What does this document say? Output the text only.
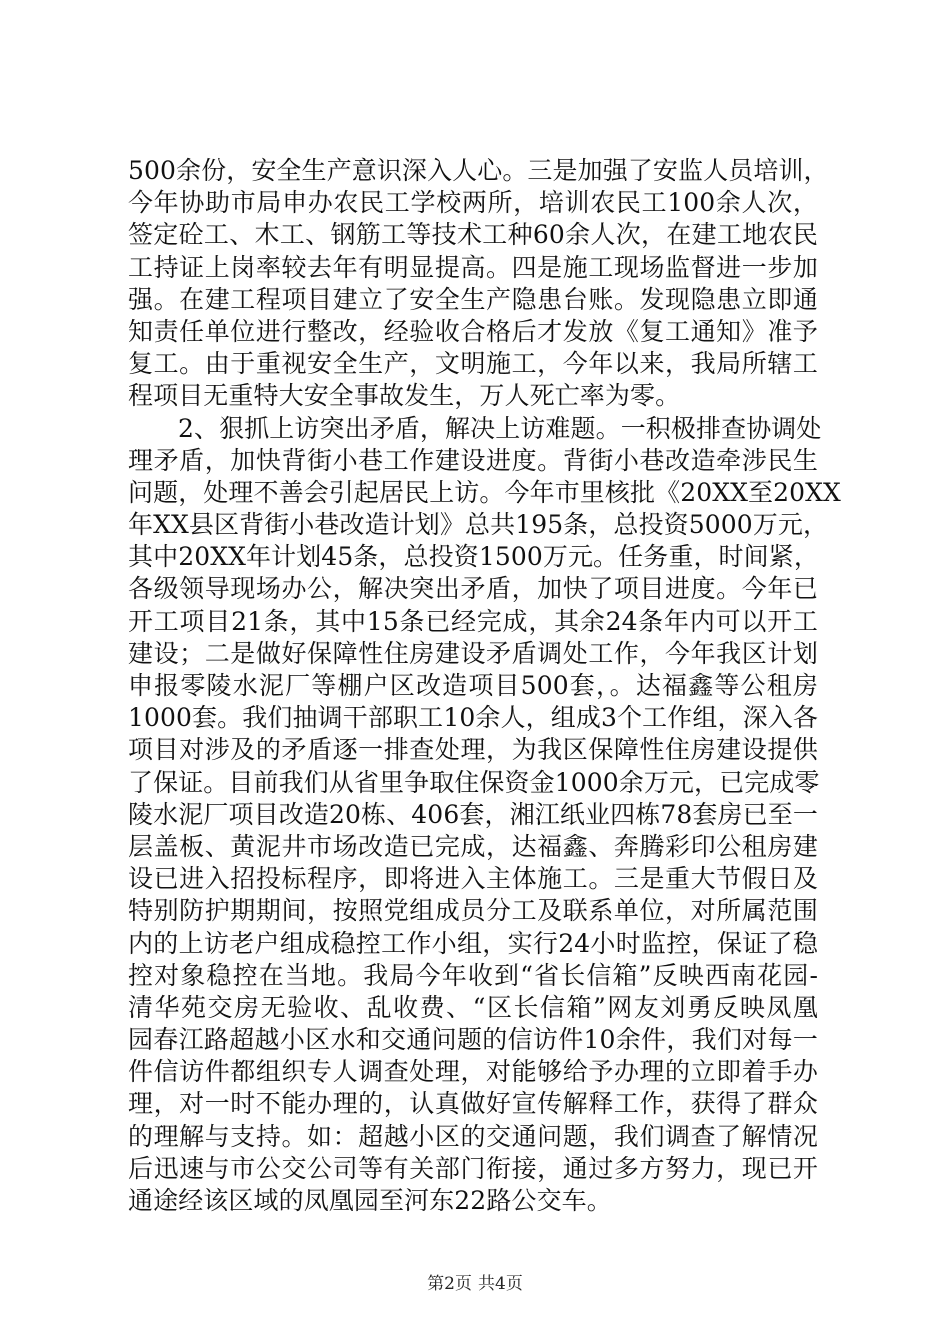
500余份，安全生产意识深入人心。三是加强了安监人员培训，
今年协助市局申办农民工学校两所，培训农民工100余人次，
签定砼工、木工、钢筋工等技术工种60余人次，在建工地农民
工持证上岗率较去年有明显提高。四是施工现场监督进一步加
强。在建工程项目建立了安全生产隐患台账。发现隐患立即通
知责任单位进行整改，经验收合格后才发放《复工通知》准予
复工。由于重视安全生产，文明施工，今年以来，我局所辖工
程项目无重特大安全事故发生，万人死亡率为零。
2、狠抓上访突出矛盾，解决上访难题。一积极排查协调处
理矛盾，加快背街小巷工作建设进度。背街小巷改造牵涉民生
问题，处理不善会引起居民上访。今年市里核批《20XX至20XX
年XX县区背街小巷改造计划》总共195条，总投资5000万元，
其中20XX年计划45条，总投资1500万元。任务重，时间紧，
各级领导现场办公，解决突出矛盾，加快了项目进度。今年已
开工项目21条，其中15条已经完成，其余24条年内可以开工
建设；二是做好保障性住房建设矛盾调处工作，今年我区计划
申报零陵水泥厂等棚户区改造项目500套，。达福鑫等公租房
1000套。我们抽调干部职工10余人，组成3个工作组，深入各
项目对涉及的矛盾逐一排查处理，为我区保障性住房建设提供
了保证。目前我们从省里争取住保资金1000余万元，已完成零
陵水泥厂项目改造20栋、406套，湘江纸业四栋78套房已至一
层盖板、黄泥井市场改造已完成，达福鑫、奔腾彩印公租房建
设已进入招投标程序，即将进入主体施工。三是重大节假日及
特别防护期期间，按照党组成员分工及联系单位，对所属范围
内的上访老户组成稳控工作小组，实行24小时监控，保证了稳
控对象稳控在当地。我局今年收到“省长信箱”反映西南花园-
清华苑交房无验收、乱收费、“区长信箱”网友刘勇反映凤凰
园春江路超越小区水和交通问题的信访件10余件，我们对每一
件信访件都组织专人调查处理，对能够给予办理的立即着手办
理，对一时不能办理的，认真做好宣传解释工作，获得了群众
的理解与支持。如：超越小区的交通问题，我们调查了解情况
后迅速与市公交公司等有关部门衔接，通过多方努力，现已开
通途经该区域的凤凰园至河东22路公交车。
第2页 共4页
